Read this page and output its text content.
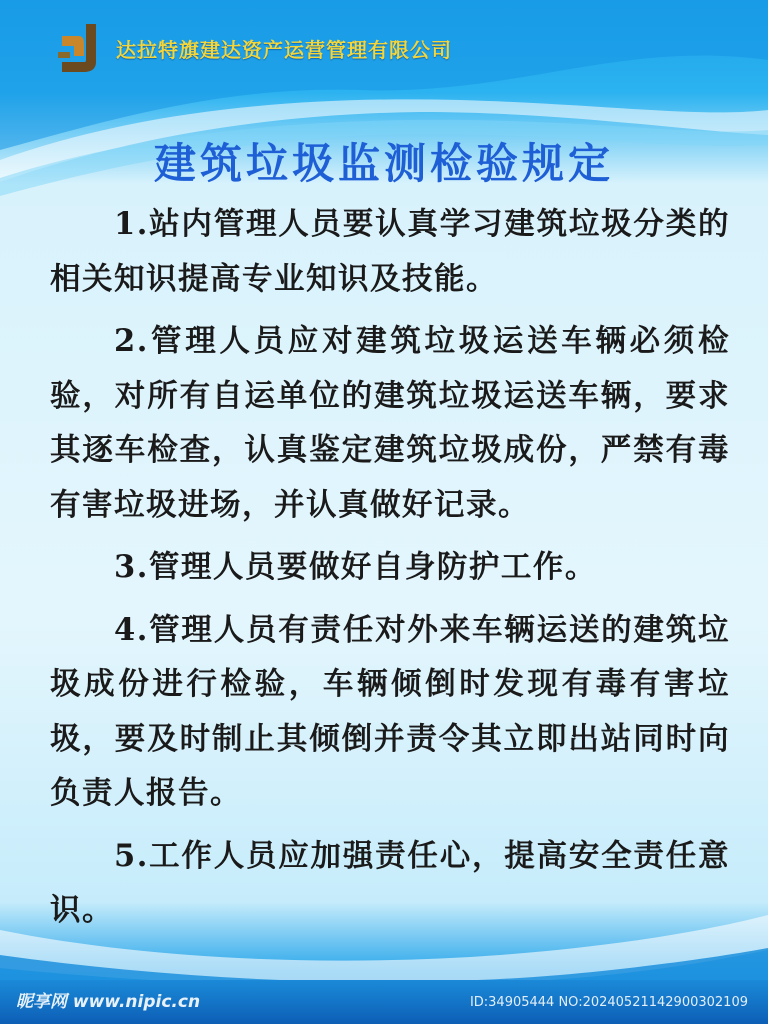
达拉特旗建达资产运营管理有限公司
建筑垃圾监测检验规定

1.站内管理人员要认真学习建筑垃圾分类的相关知识提高专业知识及技能。

2.管理人员应对建筑垃圾运送车辆必须检验，对所有自运单位的建筑垃圾运送车辆，要求其逐车检查，认真鉴定建筑垃圾成份，严禁有毒有害垃圾进场，并认真做好记录。

3.管理人员要做好自身防护工作。

4.管理人员有责任对外来车辆运送的建筑垃圾成份进行检验，车辆倾倒时发现有毒有害垃圾，要及时制止其倾倒并责令其立即出站同时向负责人报告。

5.工作人员应加强责任心，提高安全责任意识。

昵享网 www.nipic.cn	ID:34905444 NO:20240521142900302109
